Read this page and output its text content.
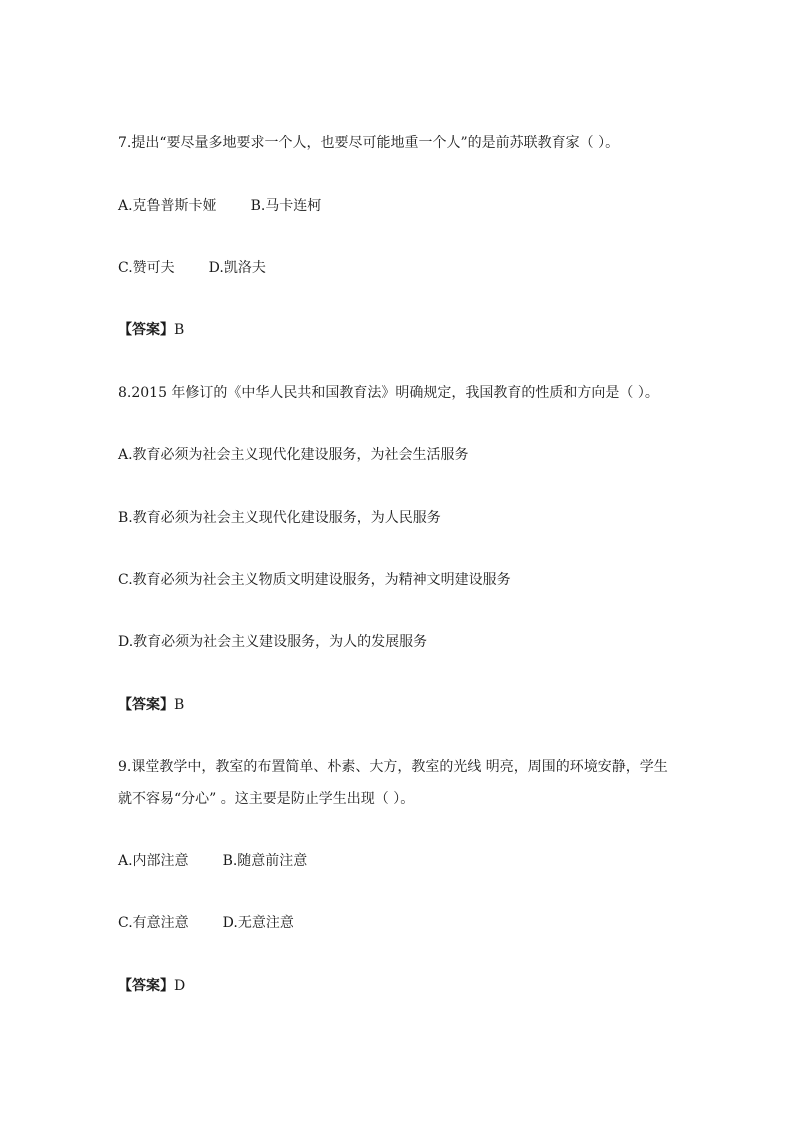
7.提出“要尽量多地要求一个人，也要尽可能地重一个人”的是前苏联教育家（ ）。
A.克鲁普斯卡娅 B.马卡连柯
C.赞可夫 D.凯洛夫
【答案】B
8.2015 年修订的《中华人民共和国教育法》明确规定，我国教育的性质和方向是（ ）。
A.教育必须为社会主义现代化建设服务，为社会生活服务
B.教育必须为社会主义现代化建设服务，为人民服务
C.教育必须为社会主义物质文明建设服务，为精神文明建设服务
D.教育必须为社会主义建设服务，为人的发展服务
【答案】B
9.课堂教学中，教室的布置简单、朴素、大方，教室的光线 明亮，周围的环境安静，学生
就不容易“分心” 。这主要是防止学生出现（ ）。
A.内部注意 B.随意前注意
C.有意注意 D.无意注意
【答案】D
